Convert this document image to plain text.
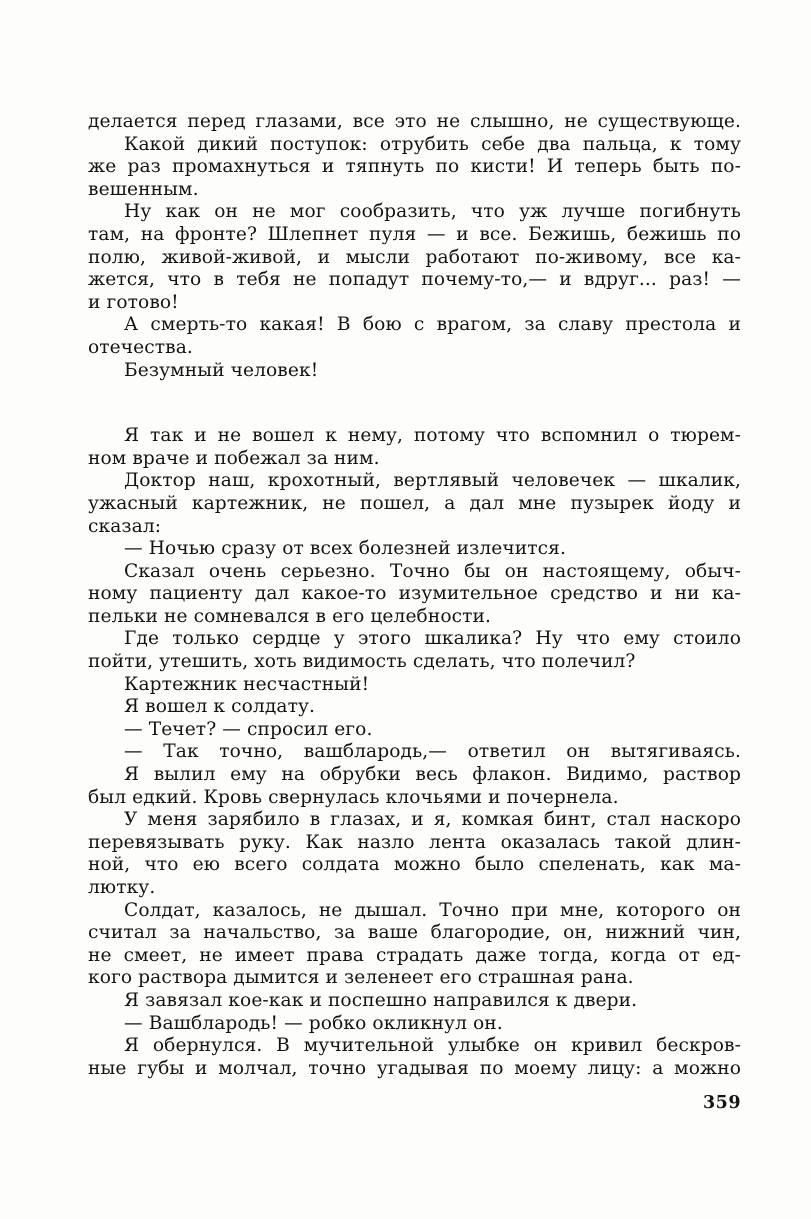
делается перед глазами, все это не слышно, не существующе.

Какой дикий поступок: отрубить себе два пальца, к тому
же раз промахнуться и тяпнуть по кисти! И теперь быть по-
вешенным.

Ну как он не мог сообразить, что уж лучше погибнуть
там, на фронте? Шлепнет пуля — и все. Бежишь, бежишь по
полю, живой-живой, и мысли работают по-живому, все ка-
жется, что в тебя не попадут почему-то,— и вдруг... раз! —
и готово!

А смерть-то какая! В бою с врагом, за славу престола и
отечества.

Безумный человек!

Я так и не вошел к нему, потому что вспомнил о тюрем-
ном враче и побежал за ним.

Доктор наш, крохотный, вертлявый человечек — шкалик,
ужасный картежник, не пошел, а дал мне пузырек йоду и
сказал:

— Ночью сразу от всех болезней излечится.

Сказал очень серьезно. Точно бы он настоящему, обыч-
ному пациенту дал какое-то изумительное средство и ни ка-
пельки не сомневался в его целебности.

Где только сердце у этого шкалика? Ну что ему стоило
пойти, утешить, хоть видимость сделать, что полечил?

Картежник несчастный!

Я вошел к солдату.

— Течет? — спросил его.

— Так точно, вашблародь,— ответил он вытягиваясь.

Я вылил ему на обрубки весь флакон. Видимо, раствор
был едкий. Кровь свернулась клочьями и почернела.

У меня зарябило в глазах, и я, комкая бинт, стал наскоро
перевязывать руку. Как назло лента оказалась такой длин-
ной, что ею всего солдата можно было спеленать, как ма-
лютку.

Солдат, казалось, не дышал. Точно при мне, которого он
считал за начальство, за ваше благородие, он, нижний чин,
не смеет, не имеет права страдать даже тогда, когда от ед-
кого раствора дымится и зеленеет его страшная рана.

Я завязал кое-как и поспешно направился к двери.

— Вашблародь! — робко окликнул он.

Я обернулся. В мучительной улыбке он кривил бескров-
ные губы и молчал, точно угадывая по моему лицу: а можно

359
